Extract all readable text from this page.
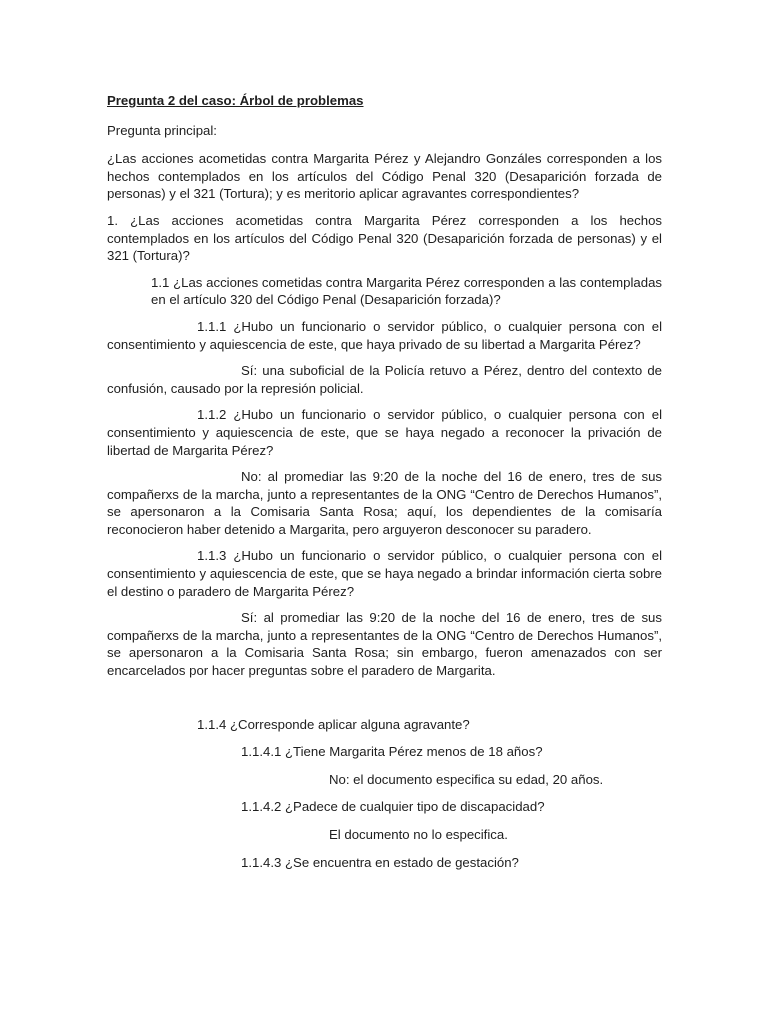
Pregunta 2 del caso: Árbol de problemas

Pregunta principal:

¿Las acciones acometidas contra Margarita Pérez y Alejandro Gonzáles corresponden a los hechos contemplados en los artículos del Código Penal 320 (Desaparición forzada de personas) y el 321 (Tortura); y es meritorio aplicar agravantes correspondientes?

1. ¿Las acciones acometidas contra Margarita Pérez corresponden a los hechos contemplados en los artículos del Código Penal 320 (Desaparición forzada de personas) y el 321 (Tortura)?

1.1 ¿Las acciones cometidas contra Margarita Pérez corresponden a las contempladas en el artículo 320 del Código Penal (Desaparición forzada)?

1.1.1 ¿Hubo un funcionario o servidor público, o cualquier persona con el consentimiento y aquiescencia de este, que haya privado de su libertad a Margarita Pérez?

Sí: una suboficial de la Policía retuvo a Pérez, dentro del contexto de confusión, causado por la represión policial.

1.1.2 ¿Hubo un funcionario o servidor público, o cualquier persona con el consentimiento y aquiescencia de este, que se haya negado a reconocer la privación de libertad de Margarita Pérez?

No: al promediar las 9:20 de la noche del 16 de enero, tres de sus compañerxs de la marcha, junto a representantes de la ONG “Centro de Derechos Humanos”, se apersonaron a la Comisaria Santa Rosa; aquí, los dependientes de la comisaría reconocieron haber detenido a Margarita, pero arguyeron desconocer su paradero.

1.1.3 ¿Hubo un funcionario o servidor público, o cualquier persona con el consentimiento y aquiescencia de este, que se haya negado a brindar información cierta sobre el destino o paradero de Margarita Pérez?

Sí: al promediar las 9:20 de la noche del 16 de enero, tres de sus compañerxs de la marcha, junto a representantes de la ONG “Centro de Derechos Humanos”, se apersonaron a la Comisaria Santa Rosa; sin embargo, fueron amenazados con ser encarcelados por hacer preguntas sobre el paradero de Margarita.

1.1.4 ¿Corresponde aplicar alguna agravante?

1.1.4.1 ¿Tiene Margarita Pérez menos de 18 años?

No: el documento especifica su edad, 20 años.

1.1.4.2 ¿Padece de cualquier tipo de discapacidad?

El documento no lo especifica.

1.1.4.3 ¿Se encuentra en estado de gestación?
